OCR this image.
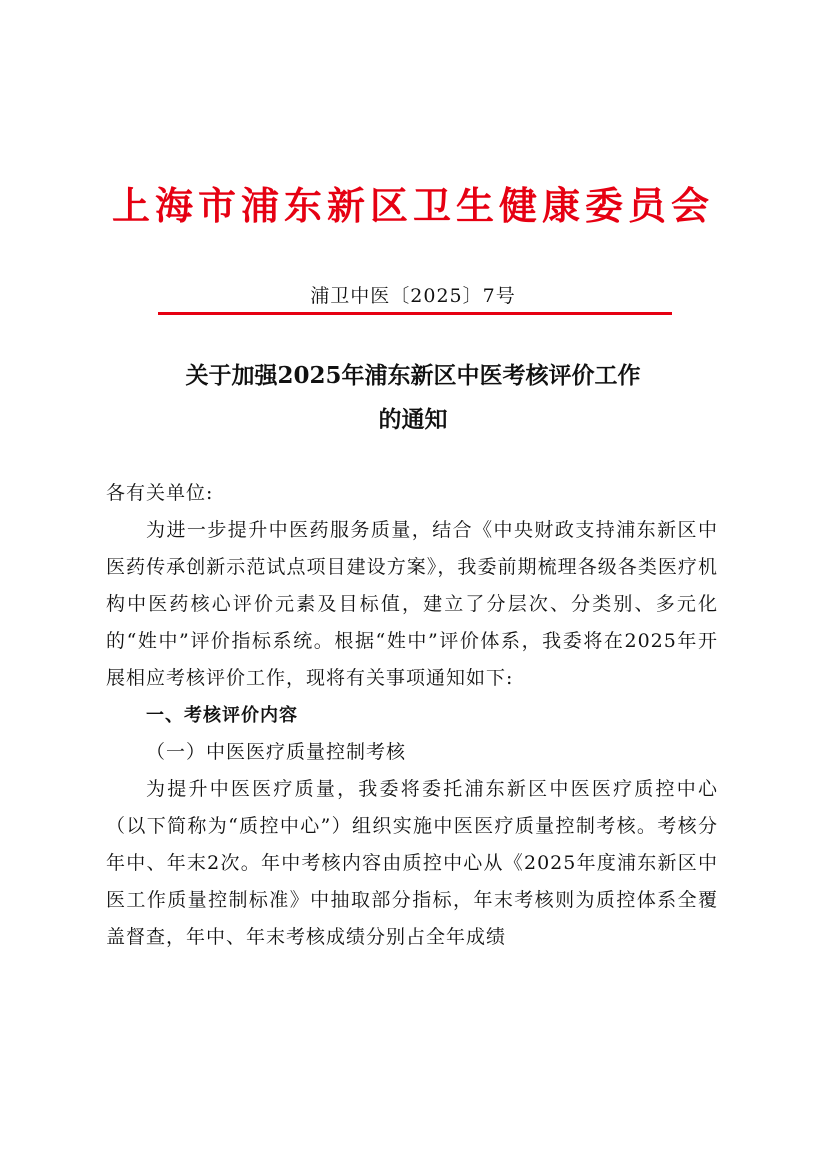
上海市浦东新区卫生健康委员会
浦卫中医〔2025〕7号
关于加强2025年浦东新区中医考核评价工作
的通知

各有关单位:

为进一步提升中医药服务质量，结合《中央财政支持浦东新区中医药传承创新示范试点项目建设方案》，我委前期梳理各级各类医疗机构中医药核心评价元素及目标值，建立了分层次、分类别、多元化的“姓中”评价指标系统。根据“姓中”评价体系，我委将在2025年开展相应考核评价工作，现将有关事项通知如下:

一、考核评价内容

（一）中医医疗质量控制考核

为提升中医医疗质量，我委将委托浦东新区中医医疗质控中心（以下简称为“质控中心”）组织实施中医医疗质量控制考核。考核分年中、年末2次。年中考核内容由质控中心从《2025年度浦东新区中医工作质量控制标准》中抽取部分指标，年末考核则为质控体系全覆盖督查，年中、年末考核成绩分别占全年成绩
